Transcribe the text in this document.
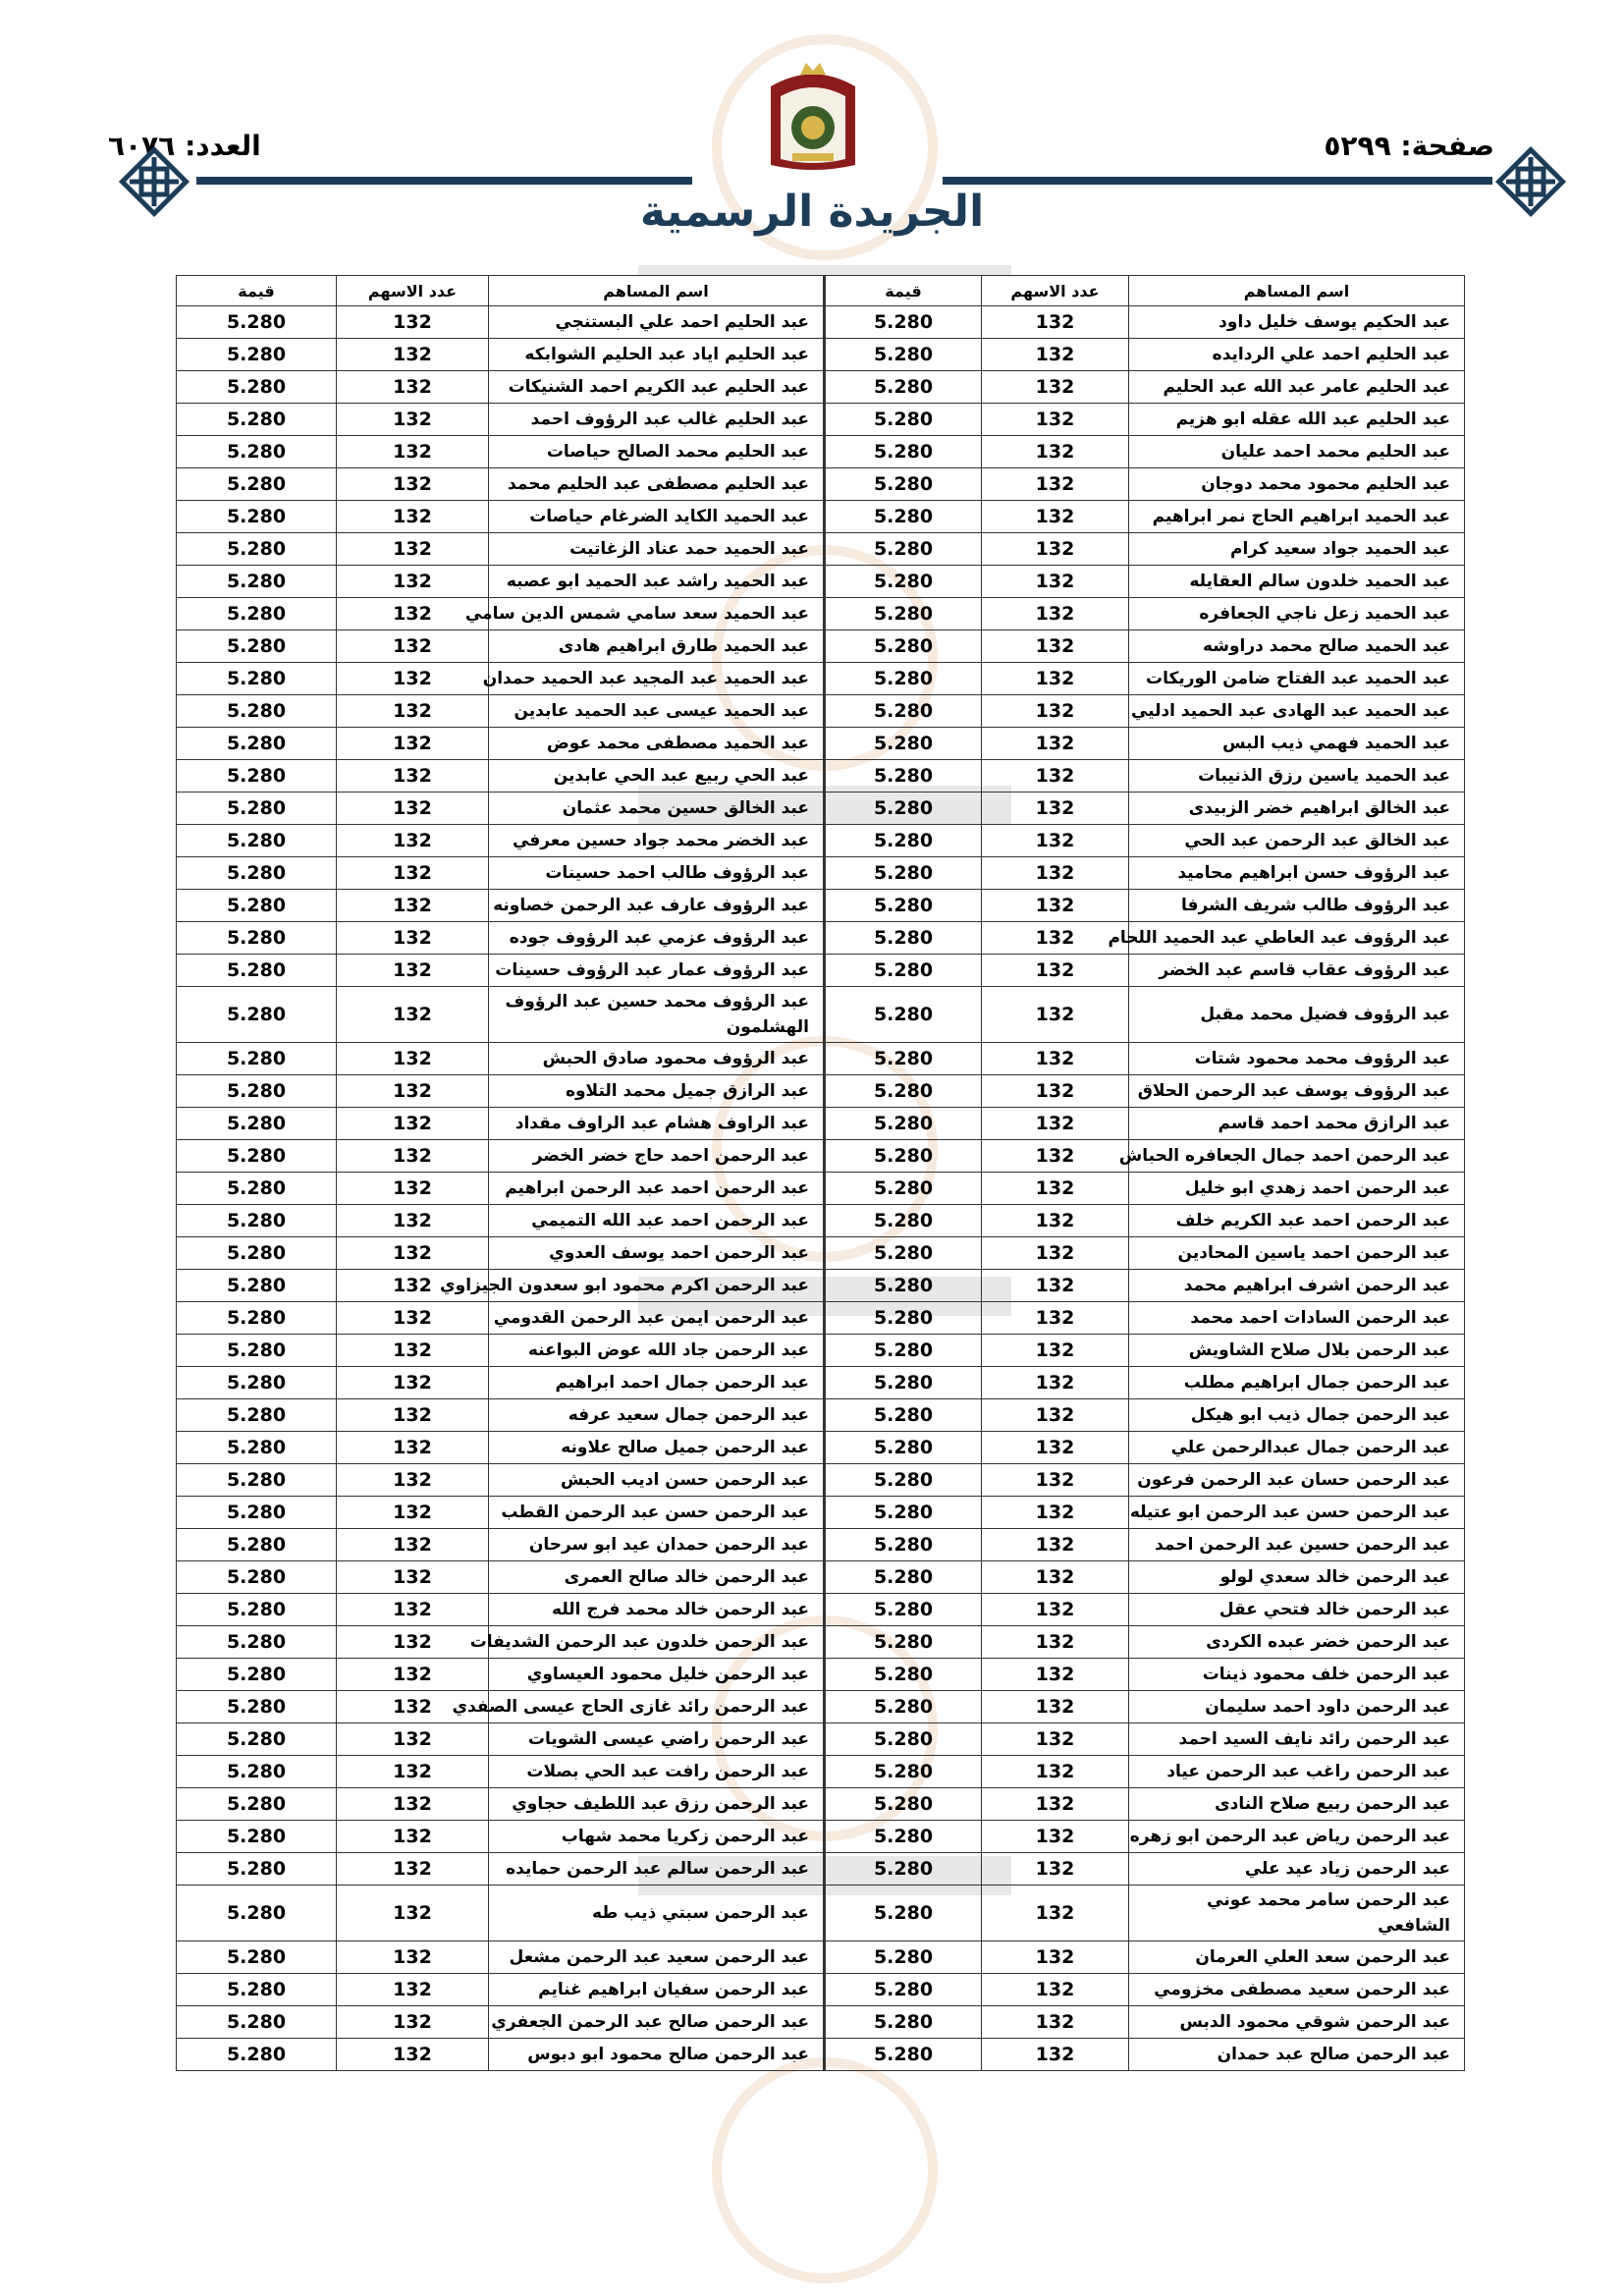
صفحة: ٥٢٩٩
العدد: ٦٠٧٦
الجريدة الرسمية
اسم المساهم	عدد الاسهم	قيمة	اسم المساهم	عدد الاسهم	قيمة
عبد الحكيم يوسف خليل داود	132	5.280	عبد الحليم احمد علي البستنجي	132	5.280
عبد الحليم احمد علي الردايده	132	5.280	عبد الحليم اياد عبد الحليم الشوابكه	132	5.280
عبد الحليم عامر عبد الله عبد الحليم	132	5.280	عبد الحليم عبد الكريم احمد الشنيكات	132	5.280
عبد الحليم عبد الله عقله ابو هزيم	132	5.280	عبد الحليم غالب عبد الرؤوف احمد	132	5.280
عبد الحليم محمد احمد عليان	132	5.280	عبد الحليم محمد الصالح حياصات	132	5.280
عبد الحليم محمود محمد دوجان	132	5.280	عبد الحليم مصطفى عبد الحليم محمد	132	5.280
عبد الحميد ابراهيم الحاج نمر ابراهيم	132	5.280	عبد الحميد الكايد الضرغام حياصات	132	5.280
عبد الحميد جواد سعيد كرام	132	5.280	عبد الحميد حمد عناد الزغاتيت	132	5.280
عبد الحميد خلدون سالم العقايله	132	5.280	عبد الحميد راشد عبد الحميد ابو عصبه	132	5.280
عبد الحميد زعل ناجي الجعافره	132	5.280	عبد الحميد سعد سامي شمس الدين سامي	132	5.280
عبد الحميد صالح محمد دراوشه	132	5.280	عبد الحميد طارق ابراهيم هادى	132	5.280
عبد الحميد عبد الفتاح ضامن الوريكات	132	5.280	عبد الحميد عبد المجيد عبد الحميد حمدان	132	5.280
عبد الحميد عبد الهادى عبد الحميد ادليي	132	5.280	عبد الحميد عيسى عبد الحميد عابدين	132	5.280
عبد الحميد فهمي ذيب البس	132	5.280	عبد الحميد مصطفى محمد عوض	132	5.280
عبد الحميد ياسين رزق الذنيبات	132	5.280	عبد الحي ربيع عبد الحي عابدين	132	5.280
عبد الخالق ابراهيم خضر الزبيدى	132	5.280	عبد الخالق حسين محمد عثمان	132	5.280
عبد الخالق عبد الرحمن عبد الحي	132	5.280	عبد الخضر محمد جواد حسين معرفي	132	5.280
عبد الرؤوف حسن ابراهيم محاميد	132	5.280	عبد الرؤوف طالب احمد حسينات	132	5.280
عبد الرؤوف طالب شريف الشرفا	132	5.280	عبد الرؤوف عارف عبد الرحمن خصاونه	132	5.280
عبد الرؤوف عبد العاطي عبد الحميد اللحام	132	5.280	عبد الرؤوف عزمي عبد الرؤوف جوده	132	5.280
عبد الرؤوف عقاب قاسم عبد الخضر	132	5.280	عبد الرؤوف عمار عبد الرؤوف حسينات	132	5.280
عبد الرؤوف فضيل محمد مقبل	132	5.280	عبد الرؤوف محمد حسين عبد الرؤوف الهشلمون	132	5.280
عبد الرؤوف محمد محمود شتات	132	5.280	عبد الرؤوف محمود صادق الحبش	132	5.280
عبد الرؤوف يوسف عبد الرحمن الحلاق	132	5.280	عبد الرازق جميل محمد التلاوه	132	5.280
عبد الرازق محمد احمد قاسم	132	5.280	عبد الراوف هشام عبد الراوف مقداد	132	5.280
عبد الرحمن احمد جمال الجعافره الحباش	132	5.280	عبد الرحمن احمد حاج خضر الخضر	132	5.280
عبد الرحمن احمد زهدي ابو خليل	132	5.280	عبد الرحمن احمد عبد الرحمن ابراهيم	132	5.280
عبد الرحمن احمد عبد الكريم خلف	132	5.280	عبد الرحمن احمد عبد الله التميمي	132	5.280
عبد الرحمن احمد ياسين المحادين	132	5.280	عبد الرحمن احمد يوسف العدوي	132	5.280
عبد الرحمن اشرف ابراهيم محمد	132	5.280	عبد الرحمن اكرم محمود ابو سعدون الجيزاوي	132	5.280
عبد الرحمن السادات احمد محمد	132	5.280	عبد الرحمن ايمن عبد الرحمن القدومي	132	5.280
عبد الرحمن بلال صلاح الشاويش	132	5.280	عبد الرحمن جاد الله عوض البواعنه	132	5.280
عبد الرحمن جمال ابراهيم مطلب	132	5.280	عبد الرحمن جمال احمد ابراهيم	132	5.280
عبد الرحمن جمال ذيب ابو هيكل	132	5.280	عبد الرحمن جمال سعيد عرفه	132	5.280
عبد الرحمن جمال عبدالرحمن علي	132	5.280	عبد الرحمن جميل صالح علاونه	132	5.280
عبد الرحمن حسان عبد الرحمن فرعون	132	5.280	عبد الرحمن حسن اديب الحبش	132	5.280
عبد الرحمن حسن عبد الرحمن ابو عتيله	132	5.280	عبد الرحمن حسن عبد الرحمن القطب	132	5.280
عبد الرحمن حسين عبد الرحمن احمد	132	5.280	عبد الرحمن حمدان عيد ابو سرحان	132	5.280
عبد الرحمن خالد سعدي لولو	132	5.280	عبد الرحمن خالد صالح العمرى	132	5.280
عبد الرحمن خالد فتحي عقل	132	5.280	عبد الرحمن خالد محمد فرج الله	132	5.280
عبد الرحمن خضر عبده الكردى	132	5.280	عبد الرحمن خلدون عبد الرحمن الشديفات	132	5.280
عبد الرحمن خلف محمود ذينات	132	5.280	عبد الرحمن خليل محمود العيساوي	132	5.280
عبد الرحمن داود احمد سليمان	132	5.280	عبد الرحمن رائد غازى الحاج عيسى الصفدي	132	5.280
عبد الرحمن رائد نايف السيد احمد	132	5.280	عبد الرحمن راضي عيسى الشويات	132	5.280
عبد الرحمن راغب عبد الرحمن عياد	132	5.280	عبد الرحمن رافت عبد الحي بصلات	132	5.280
عبد الرحمن ربيع صلاح النادى	132	5.280	عبد الرحمن رزق عبد اللطيف حجاوي	132	5.280
عبد الرحمن رياض عبد الرحمن ابو زهره	132	5.280	عبد الرحمن زكريا محمد شهاب	132	5.280
عبد الرحمن زياد عيد علي	132	5.280	عبد الرحمن سالم عبد الرحمن حمايده	132	5.280
عبد الرحمن سامر محمد عوني الشافعي	132	5.280	عبد الرحمن سبتي ذيب طه	132	5.280
عبد الرحمن سعد العلي العرمان	132	5.280	عبد الرحمن سعيد عبد الرحمن مشعل	132	5.280
عبد الرحمن سعيد مصطفى مخزومي	132	5.280	عبد الرحمن سفيان ابراهيم غنايم	132	5.280
عبد الرحمن شوقي محمود الدبس	132	5.280	عبد الرحمن صالح عبد الرحمن الجعفري	132	5.280
عبد الرحمن صالح عبد حمدان	132	5.280	عبد الرحمن صالح محمود ابو دبوس	132	5.280
